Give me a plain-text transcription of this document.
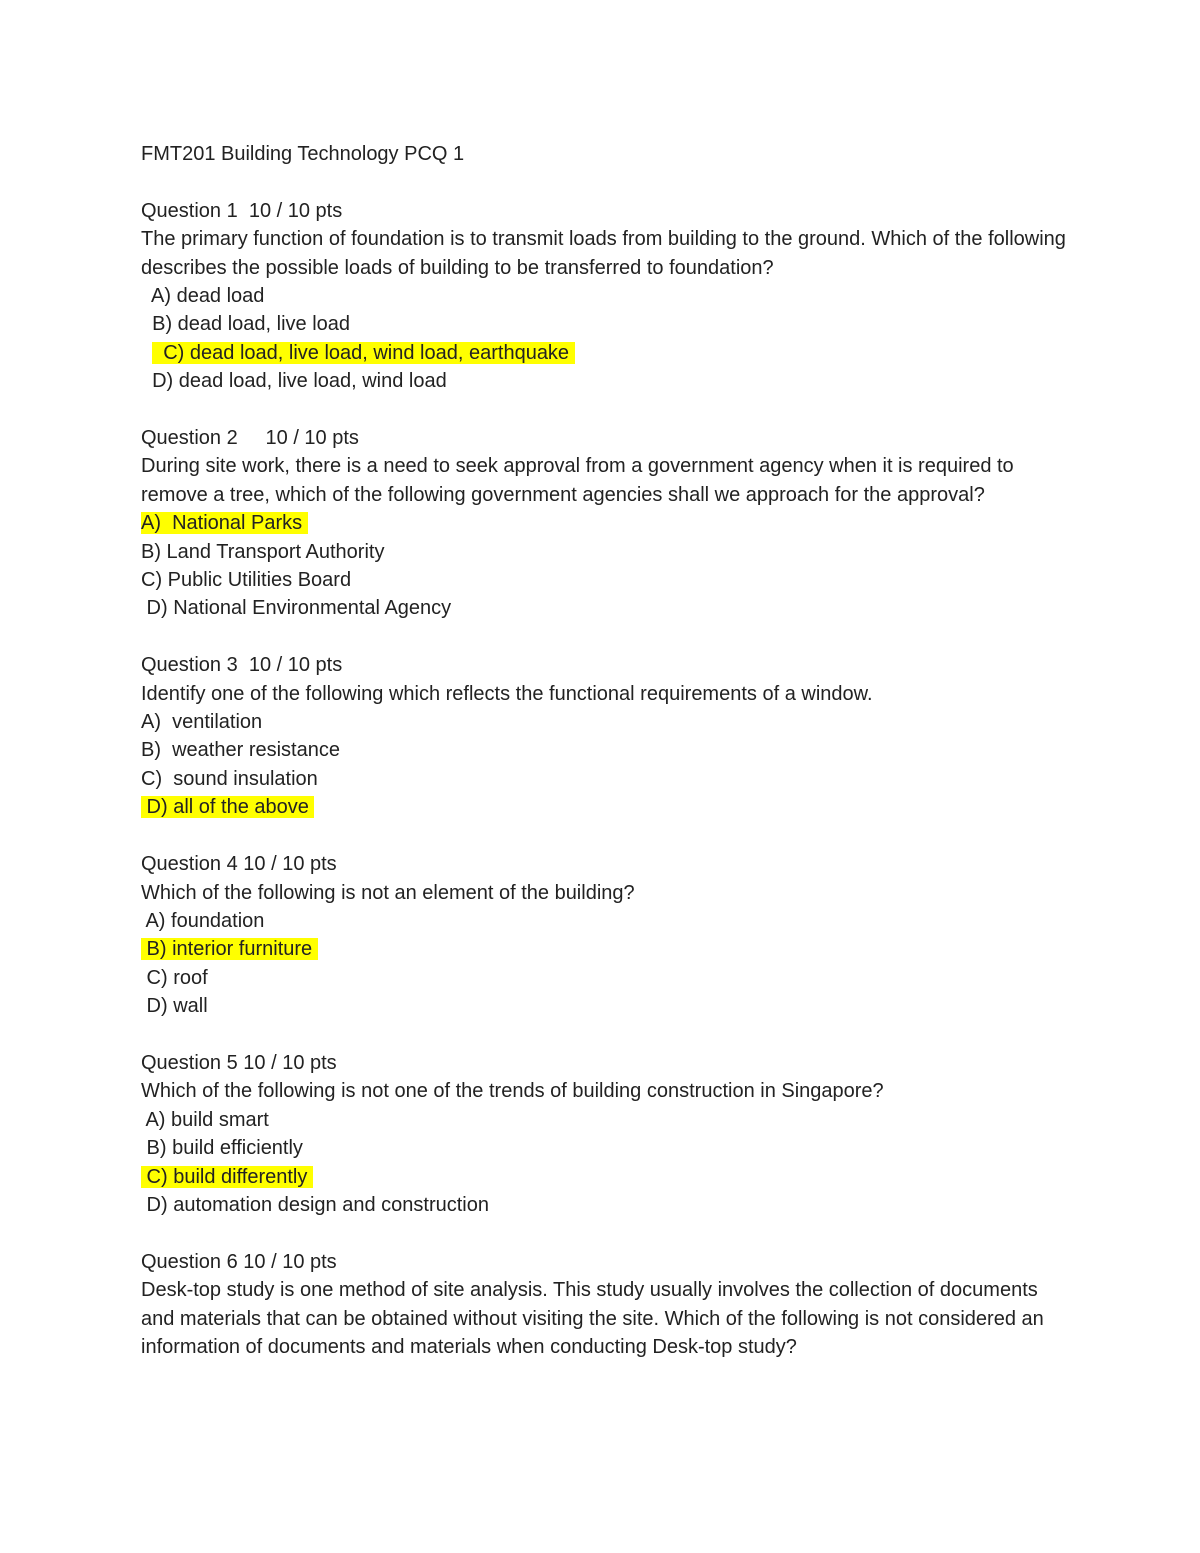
FMT201 Building Technology PCQ 1
Question 1  10 / 10 pts
The primary function of foundation is to transmit loads from building to the ground. Which of the following describes the possible loads of building to be transferred to foundation?
A) dead load
B) dead load, live load
C) dead load, live load, wind load, earthquake
D) dead load, live load, wind load
Question 2     10 / 10 pts
During site work, there is a need to seek approval from a government agency when it is required to remove a tree, which of the following government agencies shall we approach for the approval?
A)  National Parks
B) Land Transport Authority
C) Public Utilities Board
D) National Environmental Agency
Question 3  10 / 10 pts
Identify one of the following which reflects the functional requirements of a window.
A)  ventilation
B)  weather resistance
C)  sound insulation
D) all of the above
Question 4 10 / 10 pts
Which of the following is not an element of the building?
A) foundation
B) interior furniture
C) roof
D) wall
Question 5 10 / 10 pts
Which of the following is not one of the trends of building construction in Singapore?
A) build smart
B) build efficiently
C) build differently
D) automation design and construction
Question 6 10 / 10 pts
Desk-top study is one method of site analysis. This study usually involves the collection of documents and materials that can be obtained without visiting the site. Which of the following is not considered an information of documents and materials when conducting Desk-top study?
